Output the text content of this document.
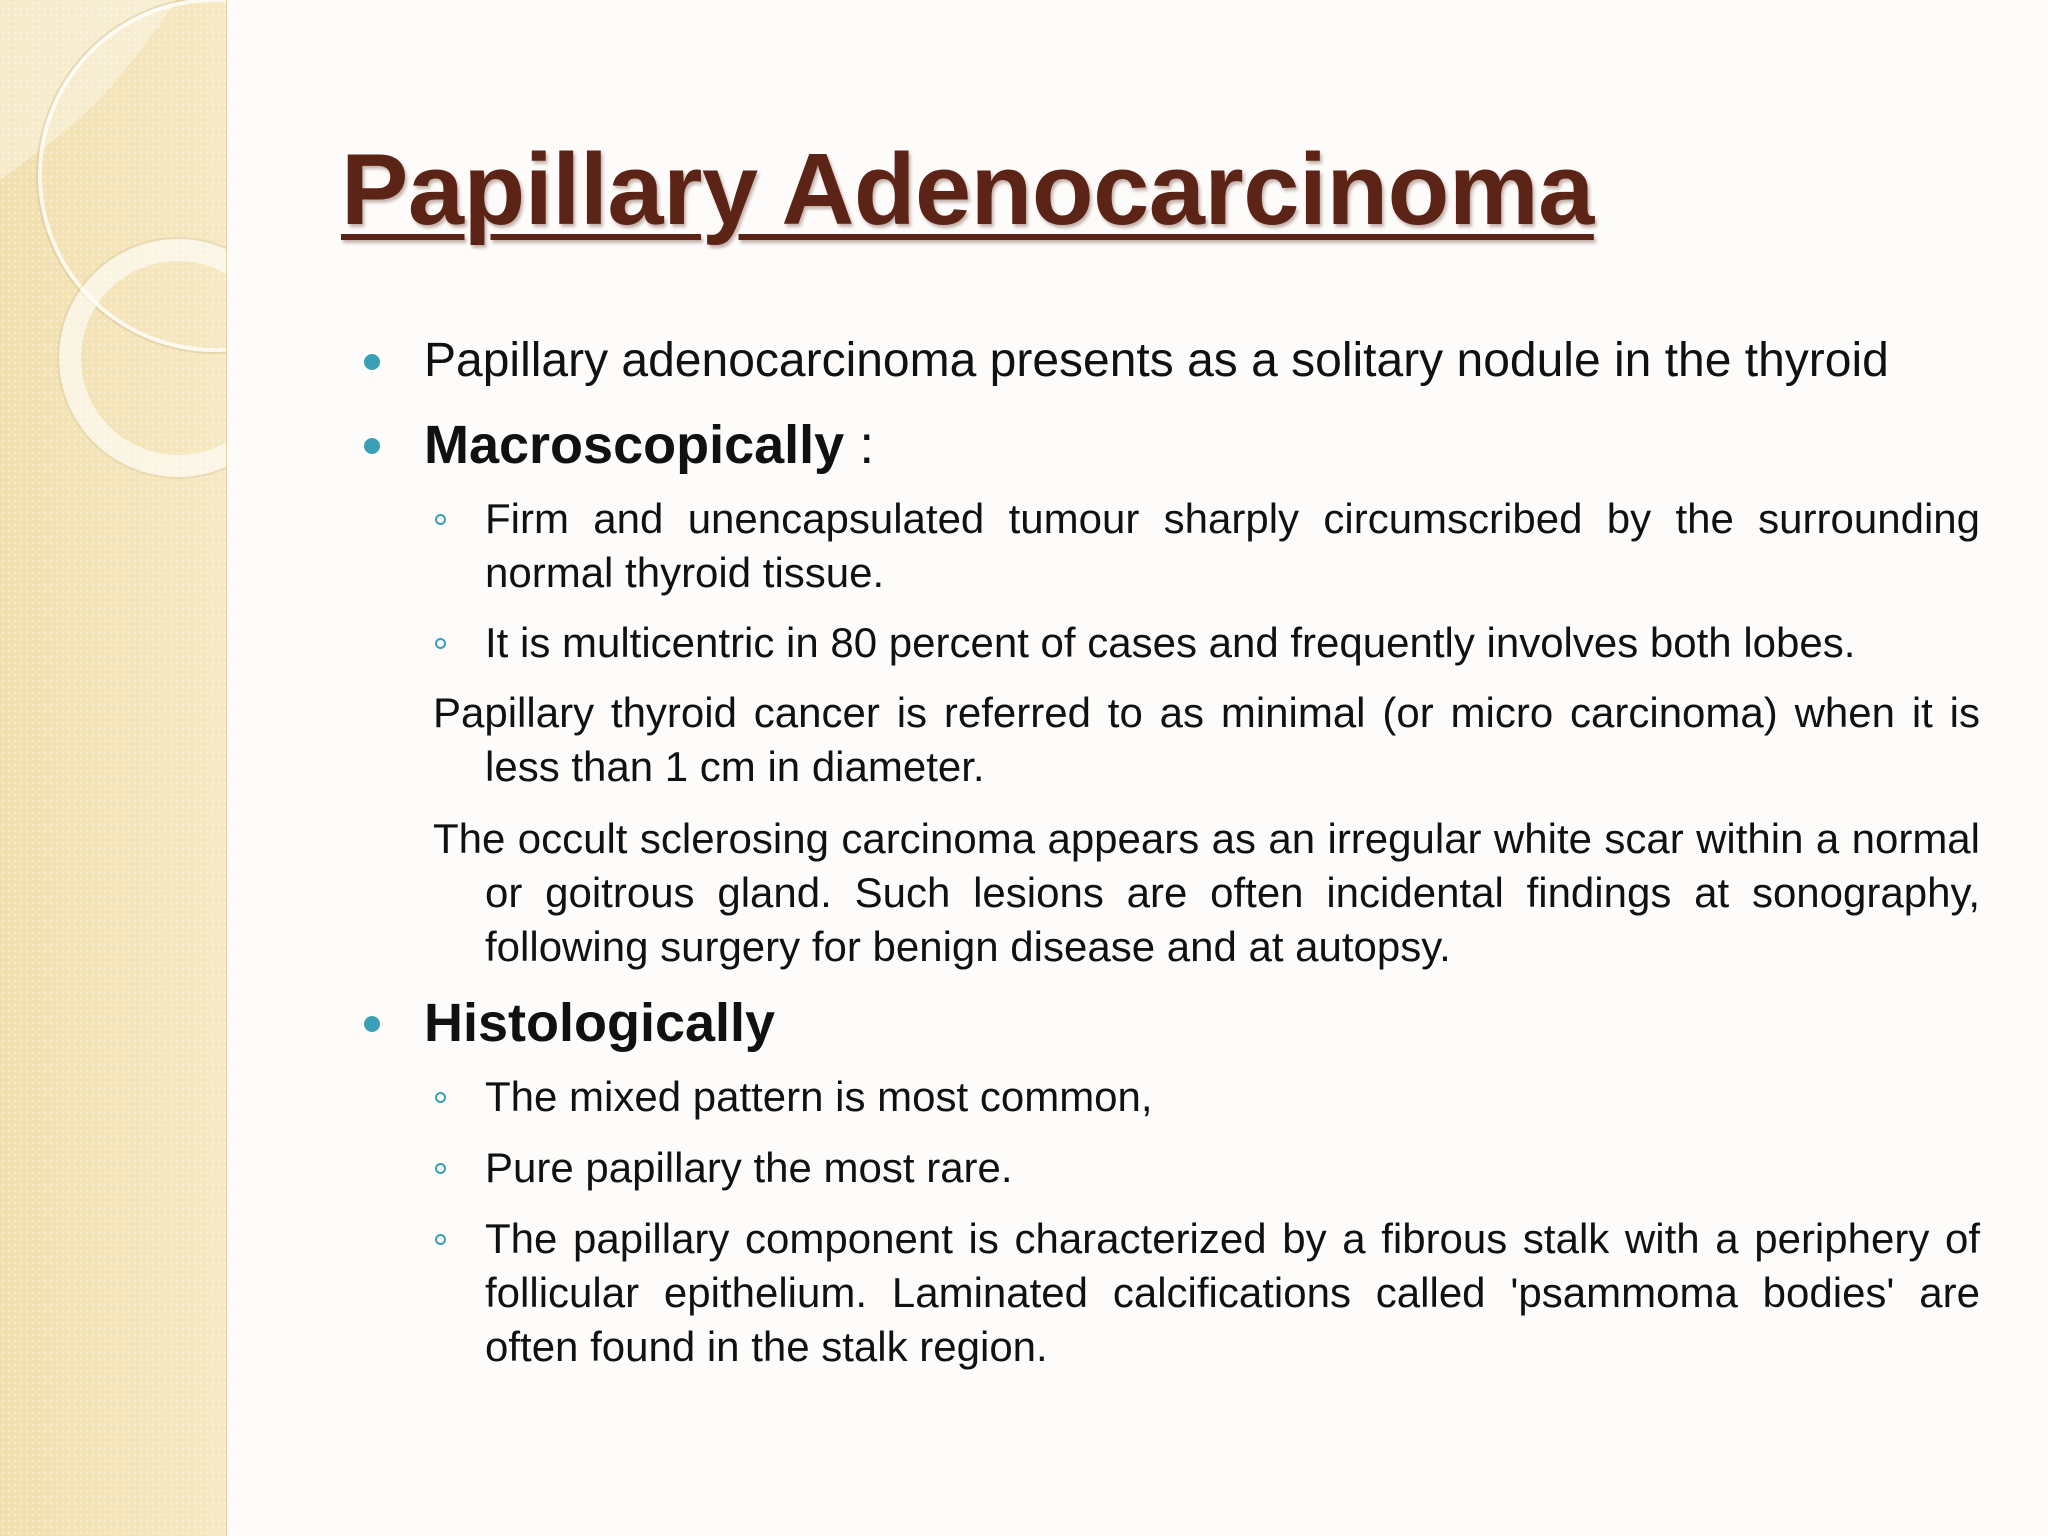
Papillary Adenocarcinoma
Papillary adenocarcinoma presents as a solitary nodule in the thyroid
Macroscopically :
Firm and unencapsulated tumour sharply circumscribed by the surrounding normal thyroid tissue.
It is multicentric in 80 percent of cases and frequently involves both lobes.
Papillary thyroid cancer is referred to as minimal (or micro carcinoma) when it is less than 1 cm in diameter.
The occult sclerosing carcinoma appears as an irregular white scar within a normal or goitrous gland. Such lesions are often incidental findings at sonography, following surgery for benign disease and at autopsy.
Histologically
The mixed pattern is most common,
Pure papillary the most rare.
The papillary component is characterized by a fibrous stalk with a periphery of follicular epithelium. Laminated calcifications called 'psammoma bodies' are often found in the stalk region.
